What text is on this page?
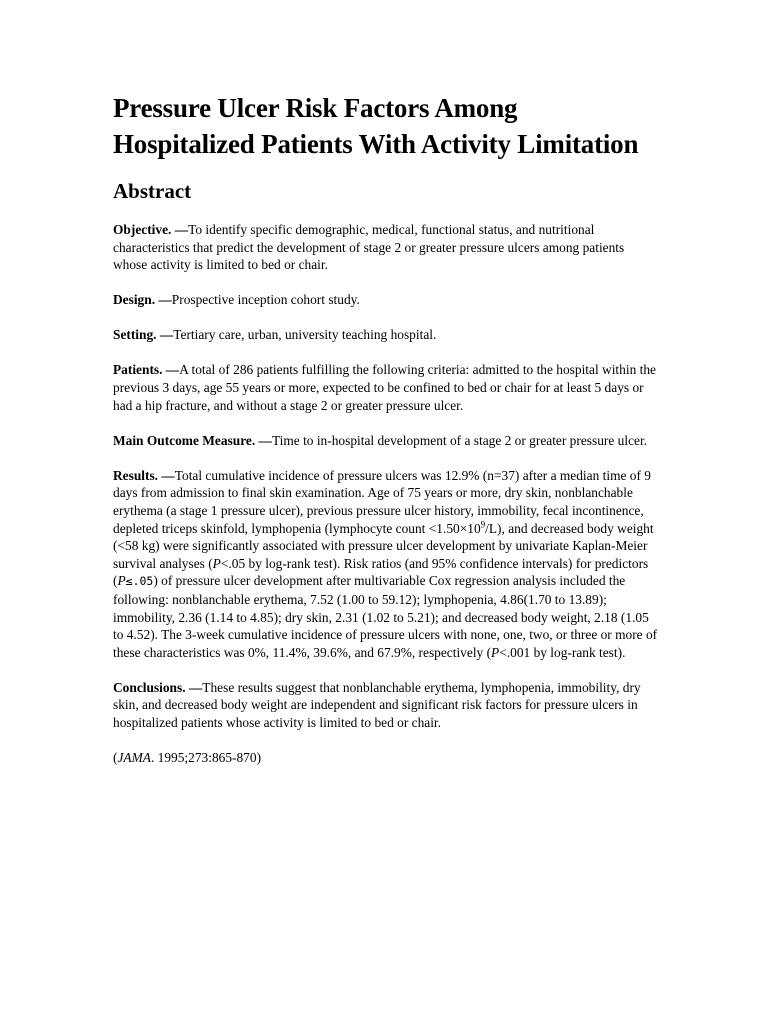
Pressure Ulcer Risk Factors Among Hospitalized Patients With Activity Limitation
Abstract

Objective. —To identify specific demographic, medical, functional status, and nutritional characteristics that predict the development of stage 2 or greater pressure ulcers among patients whose activity is limited to bed or chair.

Design. —Prospective inception cohort study.

Setting. —Tertiary care, urban, university teaching hospital.

Patients. —A total of 286 patients fulfilling the following criteria: admitted to the hospital within the previous 3 days, age 55 years or more, expected to be confined to bed or chair for at least 5 days or had a hip fracture, and without a stage 2 or greater pressure ulcer.

Main Outcome Measure. —Time to in-hospital development of a stage 2 or greater pressure ulcer.

Results. —Total cumulative incidence of pressure ulcers was 12.9% (n=37) after a median time of 9 days from admission to final skin examination. Age of 75 years or more, dry skin, nonblanchable erythema (a stage 1 pressure ulcer), previous pressure ulcer history, immobility, fecal incontinence, depleted triceps skinfold, lymphopenia (lymphocyte count $<1.50\times 10^9/L$), and decreased body weight (<58 kg) were significantly associated with pressure ulcer development by univariate Kaplan-Meier survival analyses (P<.05 by log-rank test). Risk ratios (and 95% confidence intervals) for predictors (P≤.05) of pressure ulcer development after multivariable Cox regression analysis included the following: nonblanchable erythema, 7.52 (1.00 to 59.12); lymphopenia, 4.86(1.70 to 13.89); immobility, 2.36 (1.14 to 4.85); dry skin, 2.31 (1.02 to 5.21); and decreased body weight, 2.18 (1.05 to 4.52). The 3-week cumulative incidence of pressure ulcers with none, one, two, or three or more of these characteristics was 0%, 11.4%, 39.6%, and 67.9%, respectively (P<.001 by log-rank test).

Conclusions. —These results suggest that nonblanchable erythema, lymphopenia, immobility, dry skin, and decreased body weight are independent and significant risk factors for pressure ulcers in hospitalized patients whose activity is limited to bed or chair.

(JAMA. 1995;273:865-870)
